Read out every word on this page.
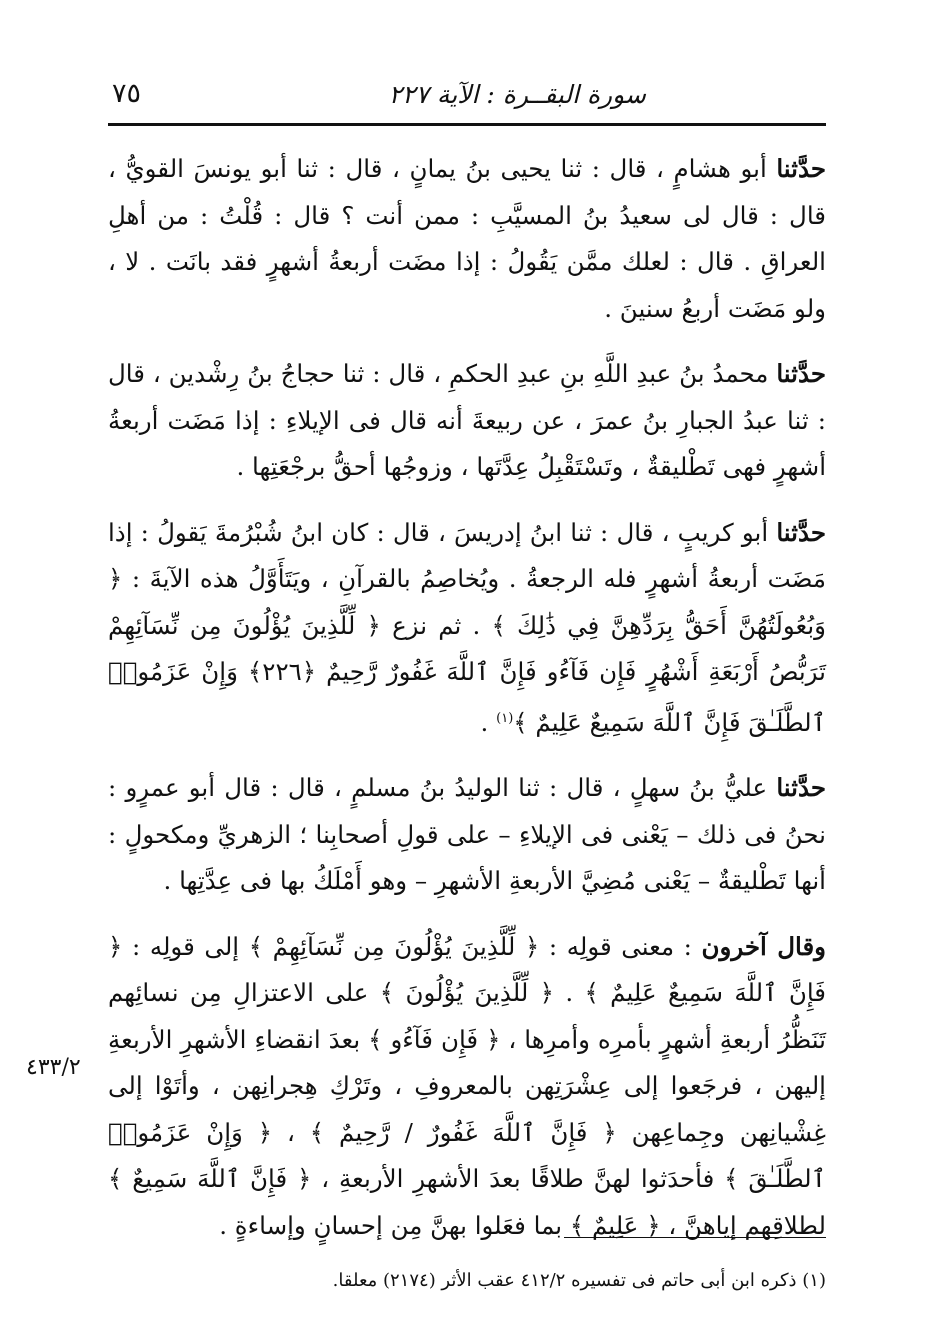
سورة البقــرة : الآية ٢٢٧
٧٥

حدَّثنا أبو هشامٍ ، قال : ثنا يحيى بنُ يمانٍ ، قال : ثنا أبو يونسَ القويُّ ، قال : قال لى سعيدُ بنُ المسيَّبِ : ممن أنت ؟ قال : قُلْتُ : من أهلِ العراقِ . قال : لعلك ممَّن يَقُولُ : إذا مضَت أربعةُ أشهرٍ فقد بانَت . لا ، ولو مَضَت أربعُ سنينَ .

حدَّثنا محمدُ بنُ عبدِ اللَّهِ بنِ عبدِ الحكمِ ، قال : ثنا حجاجُ بنُ رِشْدين ، قال : ثنا عبدُ الجبارِ بنُ عمرَ ، عن ربيعةَ أنه قال فى الإيلاءِ : إذا مَضَت أربعةُ أشهرٍ فهى تَطْليقةٌ ، وتَسْتَقْبِلُ عِدَّتَها ، وزوجُها أحقُّ برجْعَتِها .

حدَّثنا أبو كريبٍ ، قال : ثنا ابنُ إدريسَ ، قال : كان ابنُ شُبْرُمةَ يَقولُ : إذا مَضَت أربعةُ أشهرٍ فله الرجعةُ . ويُخاصِمُ بالقرآنِ ، ويَتَأَوَّلُ هذه الآيةَ : ﴿ وَبُعُولَتُهُنَّ أَحَقُّ بِرَدِّهِنَّ فِي ذَٰلِكَ ﴾ . ثم نزع ﴿ لِّلَّذِينَ يُؤْلُونَ مِن نِّسَآئِهِمْ تَرَبُّصُ أَرْبَعَةِ أَشْهُرٍ فَإِن فَآءُو فَإِنَّ ٱللَّهَ غَفُورٌ رَّحِيمٌ ﴿٢٢٦﴾ وَإِنْ عَزَمُوا۟ ٱلطَّلَـٰقَ فَإِنَّ ٱللَّهَ سَمِيعٌ عَلِيمٌ ﴾$^{(١)}$ .

حدَّثنا عليُّ بنُ سهلٍ ، قال : ثنا الوليدُ بنُ مسلمٍ ، قال : قال أبو عمرٍو : نحنُ فى ذلك – يَعْنى فى الإيلاءِ – على قولِ أصحابِنا ؛ الزهريِّ ومكحولٍ : أنها تَطْليقةٌ – يَعْنى مُضِيَّ الأربعةِ الأشهرِ – وهو أَمْلَكُ بها فى عِدَّتِها .

وقال آخرون : معنى قولِه : ﴿ لِّلَّذِينَ يُؤْلُونَ مِن نِّسَآئِهِمْ ﴾ إلى قولِه : ﴿ فَإِنَّ ٱللَّهَ سَمِيعٌ عَلِيمٌ ﴾ . ﴿ لِّلَّذِينَ يُؤْلُونَ ﴾ على الاعتزالِ مِن نسائِهم تَنَظُّرُ أربعةِ أشهرٍ بأمرِه وأمرِها ، ﴿ فَإِن فَآءُو ﴾ بعدَ انقضاءِ الأشهرِ الأربعةِ إليهن ، فرجَعوا إلى عِشْرَتِهن بالمعروفِ ، وتَرْكِ هِجرانِهن ، وأتَوْا إلى غِشْيانِهن وجِماعِهن ﴿ فَإِنَّ ٱللَّهَ غَفُورٌ / رَّحِيمٌ ﴾ ، ﴿ وَإِنْ عَزَمُوا۟ ٱلطَّلَـٰقَ ﴾ فأحدَثوا لهنَّ طلاقًا بعدَ الأشهرِ الأربعةِ ، ﴿ فَإِنَّ ٱللَّهَ سَمِيعٌ ﴾ لطلاقِهم إياهنَّ ، ﴿ عَلِيمٌ ﴾ بما فعَلوا بهنَّ مِن إحسانٍ وإساءةٍ .

٤٣٣/٢
(١) ذكره ابن أبى حاتم فى تفسيره ٤١٢/٢ عقب الأثر (٢١٧٤) معلقا.
